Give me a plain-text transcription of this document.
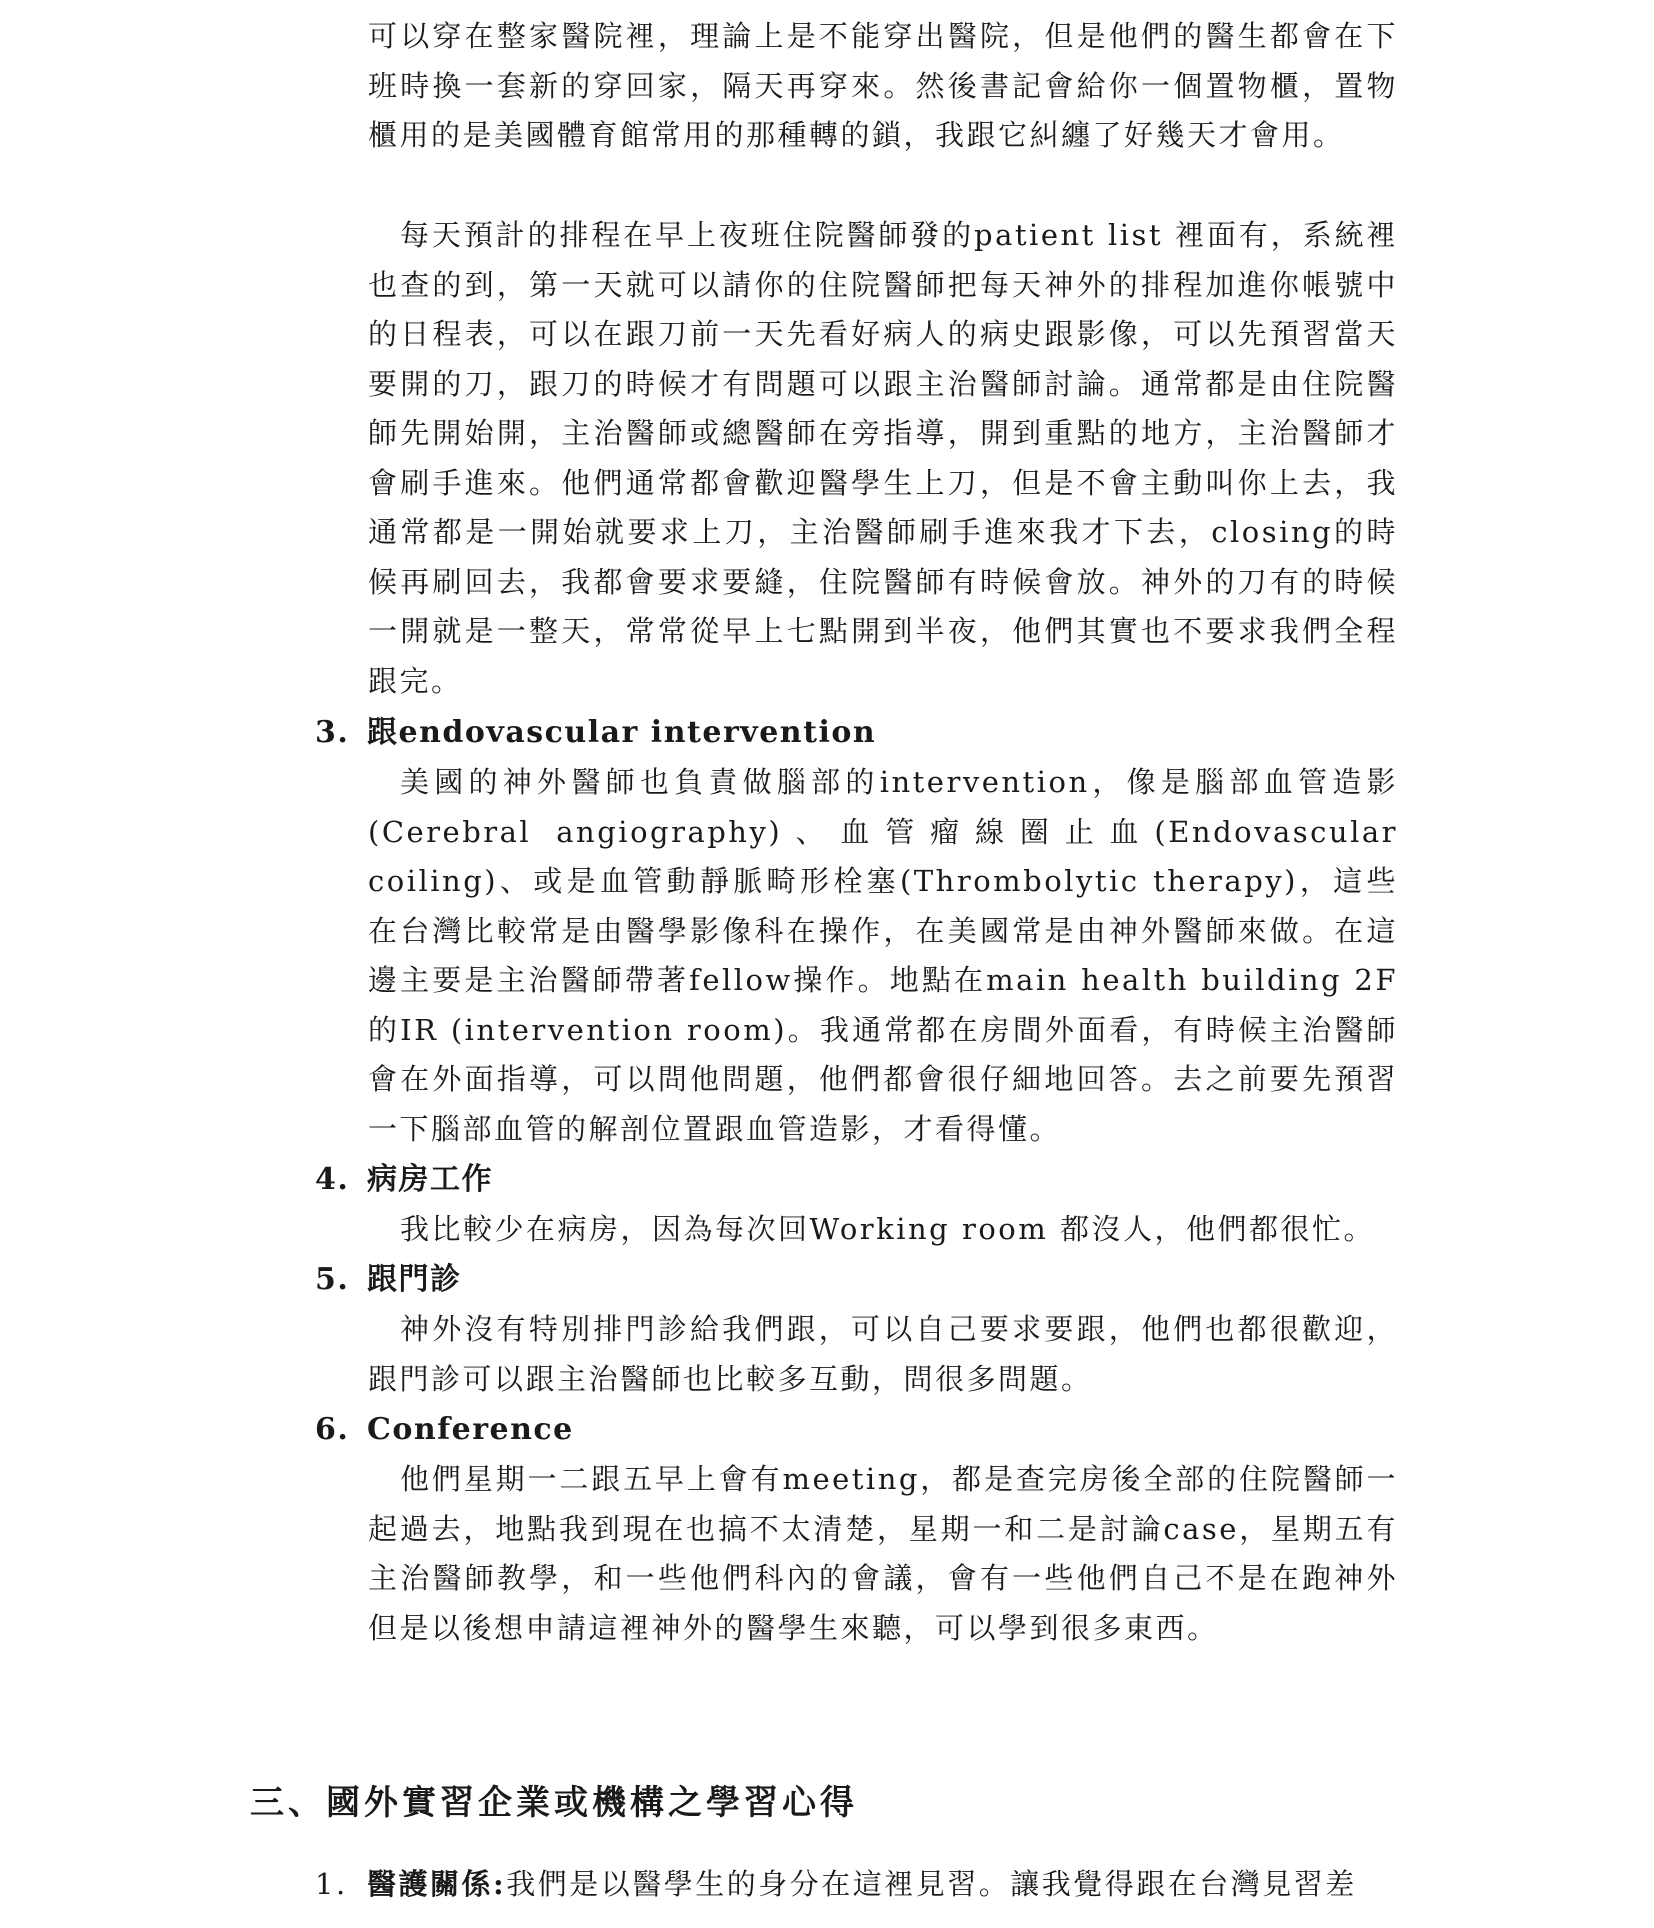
可以穿在整家醫院裡，理論上是不能穿出醫院，但是他們的醫生都會在下班時換一套新的穿回家，隔天再穿來。然後書記會給你一個置物櫃，置物櫃用的是美國體育館常用的那種轉的鎖，我跟它糾纏了好幾天才會用。

每天預計的排程在早上夜班住院醫師發的patient list 裡面有，系統裡也查的到，第一天就可以請你的住院醫師把每天神外的排程加進你帳號中的日程表，可以在跟刀前一天先看好病人的病史跟影像，可以先預習當天要開的刀，跟刀的時候才有問題可以跟主治醫師討論。通常都是由住院醫師先開始開，主治醫師或總醫師在旁指導，開到重點的地方，主治醫師才會刷手進來。他們通常都會歡迎醫學生上刀，但是不會主動叫你上去，我通常都是一開始就要求上刀，主治醫師刷手進來我才下去，closing的時候再刷回去，我都會要求要縫，住院醫師有時候會放。神外的刀有的時候一開就是一整天，常常從早上七點開到半夜，他們其實也不要求我們全程跟完。

3. 跟endovascular intervention

美國的神外醫師也負責做腦部的intervention，像是腦部血管造影(Cerebral angiography)、血管瘤線圈止血(Endovascular coiling)、或是血管動靜脈畸形栓塞(Thrombolytic therapy)，這些在台灣比較常是由醫學影像科在操作，在美國常是由神外醫師來做。在這邊主要是主治醫師帶著fellow操作。地點在main health building 2F的IR (intervention room)。我通常都在房間外面看，有時候主治醫師會在外面指導，可以問他問題，他們都會很仔細地回答。去之前要先預習一下腦部血管的解剖位置跟血管造影，才看得懂。

4. 病房工作

我比較少在病房，因為每次回Working room 都沒人，他們都很忙。

5. 跟門診

神外沒有特別排門診給我們跟，可以自己要求要跟，他們也都很歡迎，跟門診可以跟主治醫師也比較多互動，問很多問題。

6. Conference

他們星期一二跟五早上會有meeting，都是查完房後全部的住院醫師一起過去，地點我到現在也搞不太清楚，星期一和二是討論case，星期五有主治醫師教學，和一些他們科內的會議，會有一些他們自己不是在跑神外但是以後想申請這裡神外的醫學生來聽，可以學到很多東西。

三、國外實習企業或機構之學習心得

1. 醫護關係:我們是以醫學生的身分在這裡見習。讓我覺得跟在台灣見習差
